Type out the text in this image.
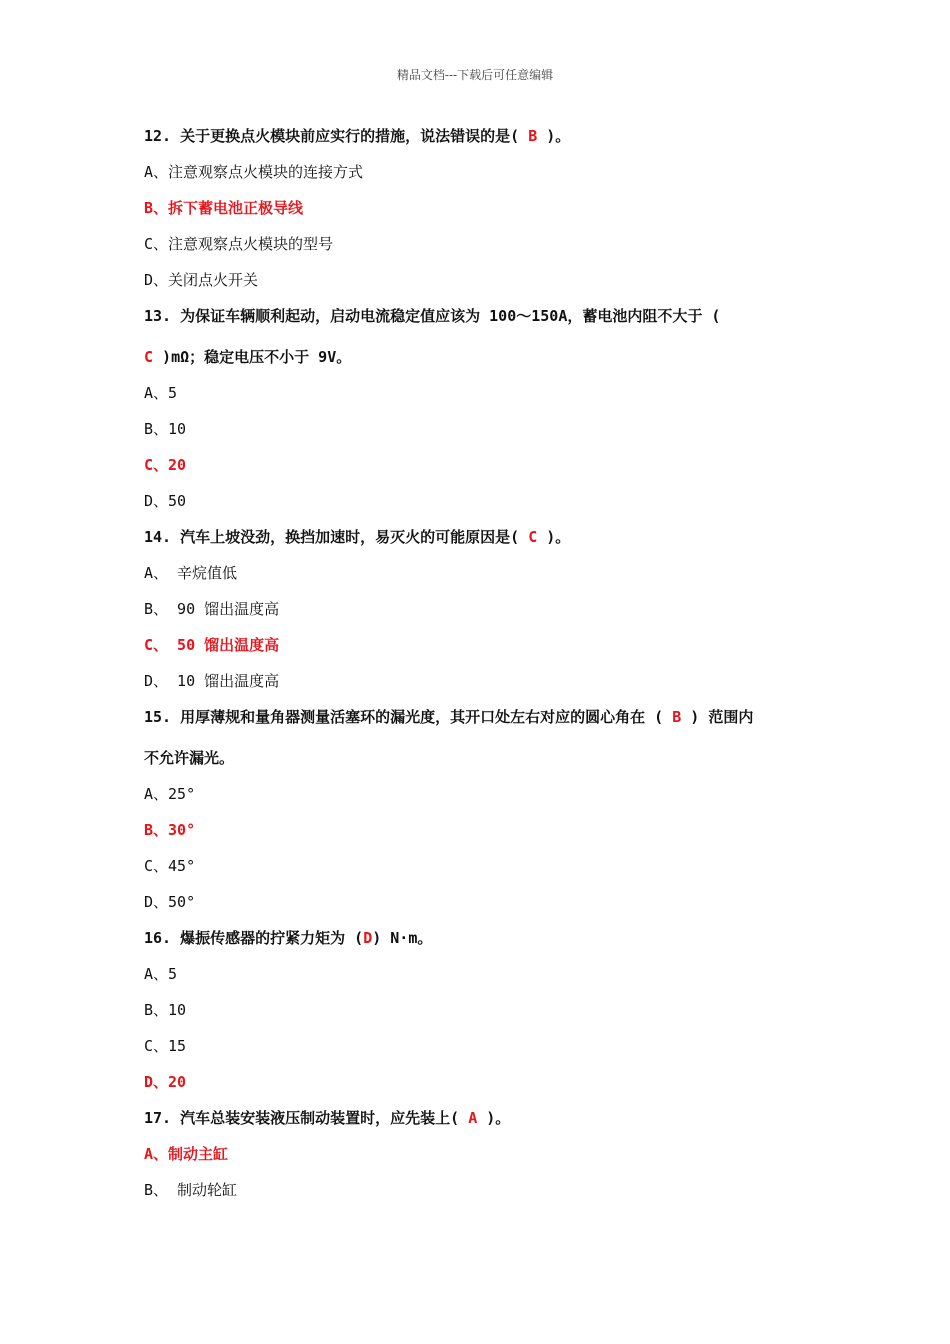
精品文档---下载后可任意编辑
12. 关于更换点火模块前应实行的措施，说法错误的是( B )。
A、注意观察点火模块的连接方式
B、拆下蓄电池正极导线
C、注意观察点火模块的型号
D、关闭点火开关
13. 为保证车辆顺利起动，启动电流稳定值应该为 100～150A，蓄电池内阻不大于 (
C )mΩ；稳定电压不小于 9V。
A、5
B、10
C、20
D、50
14. 汽车上坡没劲，换挡加速时，易灭火的可能原因是( C )。
A、 辛烷值低
B、 90 馏出温度高
C、 50 馏出温度高
D、 10 馏出温度高
15. 用厚薄规和量角器测量活塞环的漏光度，其开口处左右对应的圆心角在 ( B ) 范围内
不允许漏光。
A、25°
B、30°
C、45°
D、50°
16. 爆振传感器的拧紧力矩为 (D) N·m。
A、5
B、10
C、15
D、20
17. 汽车总装安装液压制动装置时，应先装上( A )。
A、制动主缸
B、 制动轮缸
